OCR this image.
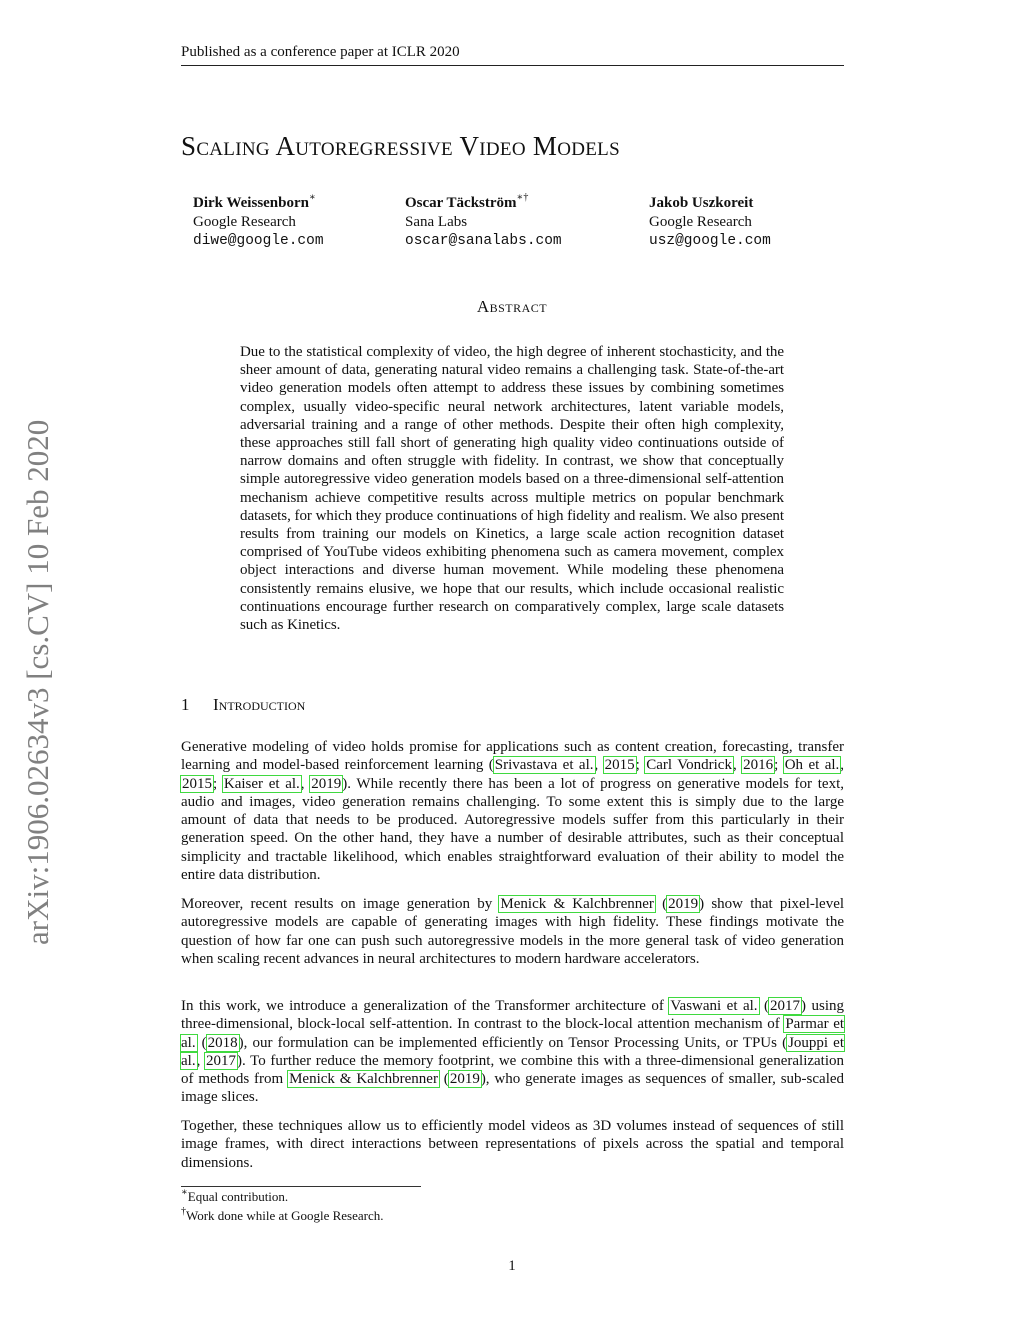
Published as a conference paper at ICLR 2020
Scaling Autoregressive Video Models
Dirk Weissenborn∗
Google Research
diwe@google.com
Oscar Täckström∗†
Sana Labs
oscar@sanalabs.com
Jakob Uszkoreit
Google Research
usz@google.com
Abstract
Due to the statistical complexity of video, the high degree of inherent stochasticity, and the sheer amount of data, generating natural video remains a challenging task. State-of-the-art video generation models often attempt to address these issues by combining sometimes complex, usually video-specific neural network architectures, latent variable models, adversarial training and a range of other methods. Despite their often high complexity, these approaches still fall short of generating high quality video continuations outside of narrow domains and often struggle with fidelity. In contrast, we show that conceptually simple autoregressive video generation models based on a three-dimensional self-attention mechanism achieve competitive results across multiple metrics on popular benchmark datasets, for which they produce continuations of high fidelity and realism. We also present results from training our models on Kinetics, a large scale action recognition dataset comprised of YouTube videos exhibiting phenomena such as camera movement, complex object interactions and diverse human movement. While modeling these phenomena consistently remains elusive, we hope that our results, which include occasional realistic continuations encourage further research on comparatively complex, large scale datasets such as Kinetics.
1 Introduction

Generative modeling of video holds promise for applications such as content creation, forecasting, transfer learning and model-based reinforcement learning (Srivastava et al., 2015; Carl Vondrick, 2016; Oh et al., 2015; Kaiser et al., 2019). While recently there has been a lot of progress on generative models for text, audio and images, video generation remains challenging. To some extent this is simply due to the large amount of data that needs to be produced. Autoregressive models suffer from this particularly in their generation speed. On the other hand, they have a number of desirable attributes, such as their conceptual simplicity and tractable likelihood, which enables straightforward evaluation of their ability to model the entire data distribution.

Moreover, recent results on image generation by Menick & Kalchbrenner (2019) show that pixel-level autoregressive models are capable of generating images with high fidelity. These findings motivate the question of how far one can push such autoregressive models in the more general task of video generation when scaling recent advances in neural architectures to modern hardware accelerators.

In this work, we introduce a generalization of the Transformer architecture of Vaswani et al. (2017) using three-dimensional, block-local self-attention. In contrast to the block-local attention mechanism of Parmar et al. (2018), our formulation can be implemented efficiently on Tensor Processing Units, or TPUs (Jouppi et al., 2017). To further reduce the memory footprint, we combine this with a three-dimensional generalization of methods from Menick & Kalchbrenner (2019), who generate images as sequences of smaller, sub-scaled image slices.

Together, these techniques allow us to efficiently model videos as 3D volumes instead of sequences of still image frames, with direct interactions between representations of pixels across the spatial and temporal dimensions.

∗Equal contribution.
†Work done while at Google Research.
1
arXiv:1906.02634v3 [cs.CV] 10 Feb 2020
